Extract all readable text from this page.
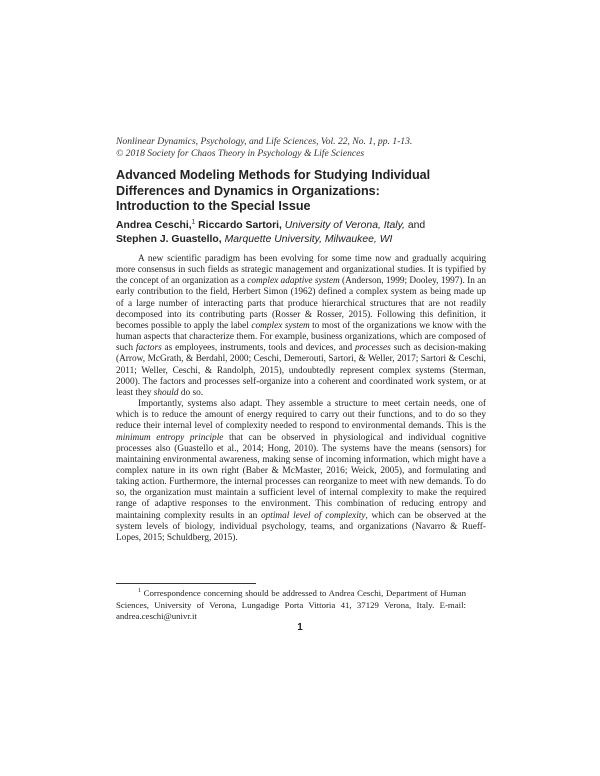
Nonlinear Dynamics, Psychology, and Life Sciences, Vol. 22, No. 1, pp. 1-13.
© 2018 Society for Chaos Theory in Psychology & Life Sciences
Advanced Modeling Methods for Studying Individual
Differences and Dynamics in Organizations:
Introduction to the Special Issue
Andrea Ceschi,$^1$ Riccardo Sartori, University of Verona, Italy, and
Stephen J. Guastello, Marquette University, Milwaukee, WI

A new scientific paradigm has been evolving for some time now and gradually acquiring more consensus in such fields as strategic management and organizational studies. It is typified by the concept of an organization as a complex adaptive system (Anderson, 1999; Dooley, 1997). In an early contribution to the field, Herbert Simon (1962) defined a complex system as being made up of a large number of interacting parts that produce hierarchical structures that are not readily decomposed into its contributing parts (Rosser & Rosser, 2015). Following this definition, it becomes possible to apply the label complex system to most of the organizations we know with the human aspects that characterize them. For example, business organizations, which are composed of such factors as employees, instruments, tools and devices, and processes such as decision-making (Arrow, McGrath, & Berdahl, 2000; Ceschi, Demerouti, Sartori, & Weller, 2017; Sartori & Ceschi, 2011; Weller, Ceschi, & Randolph, 2015), undoubtedly represent complex systems (Sterman, 2000). The factors and processes self-organize into a coherent and coordinated work system, or at least they should do so.

Importantly, systems also adapt. They assemble a structure to meet certain needs, one of which is to reduce the amount of energy required to carry out their functions, and to do so they reduce their internal level of complexity needed to respond to environmental demands. This is the minimum entropy principle that can be observed in physiological and individual cognitive processes also (Guastello et al., 2014; Hong, 2010). The systems have the means (sensors) for maintaining environmental awareness, making sense of incoming information, which might have a complex nature in its own right (Baber & McMaster, 2016; Weick, 2005), and formulating and taking action. Furthermore, the internal processes can reorganize to meet with new demands. To do so, the organization must maintain a sufficient level of internal complexity to make the required range of adaptive responses to the environment. This combination of reducing entropy and maintaining complexity results in an optimal level of complexity, which can be observed at the system levels of biology, individual psychology, teams, and organizations (Navarro & Rueff-Lopes, 2015; Schuldberg, 2015).

$^1$ Correspondence concerning should be addressed to Andrea Ceschi, Department of Human Sciences, University of Verona, Lungadige Porta Vittoria 41, 37129 Verona, Italy. E-mail: andrea.ceschi@univr.it
1
